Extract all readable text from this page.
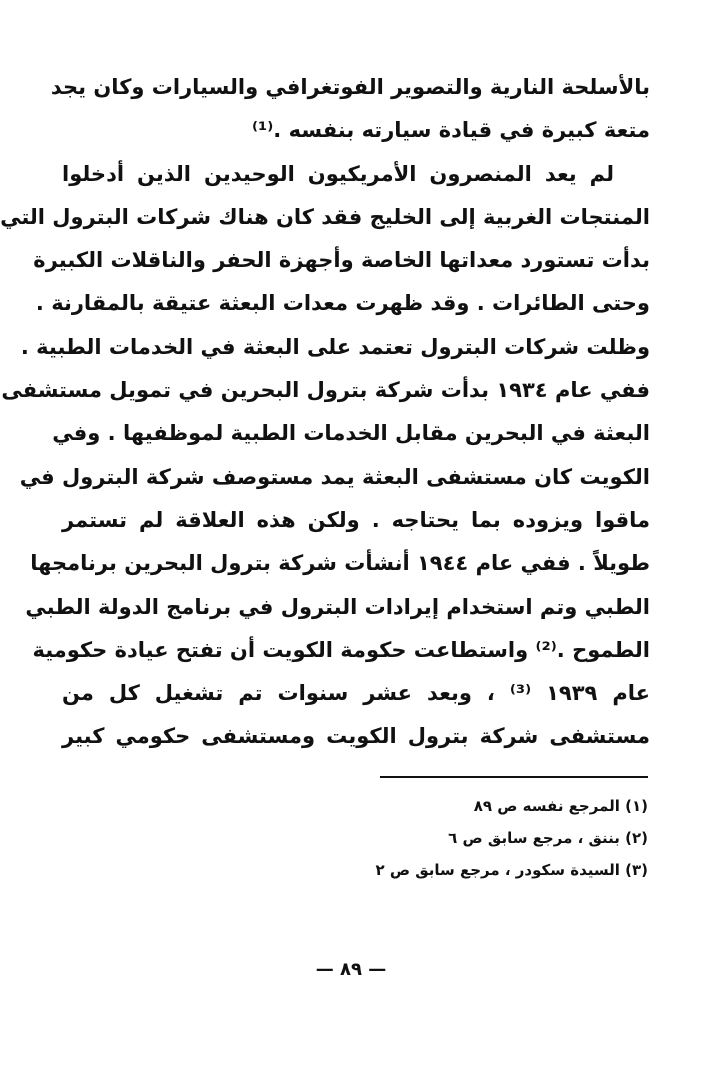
بالأسلحة النارية والتصوير الفوتغرافي والسيارات وكان يجد
متعة كبيرة في قيادة سيارته بنفسه .⁽¹⁾
لم يعد المنصرون الأمريكيون الوحيدين الذين أدخلوا
المنتجات الغربية إلى الخليج فقد كان هناك شركات البترول التي
بدأت تستورد معداتها الخاصة وأجهزة الحفر والناقلات الكبيرة
وحتى الطائرات . وقد ظهرت معدات البعثة عتيقة بالمقارنة .
وظلت شركات البترول تعتمد على البعثة في الخدمات الطبية .
ففي عام ١٩٣٤ بدأت شركة بترول البحرين في تمويل مستشفى
البعثة في البحرين مقابل الخدمات الطبية لموظفيها . وفي
الكويت كان مستشفى البعثة يمد مستوصف شركة البترول في
ماقوا ويزوده بما يحتاجه . ولكن هذه العلاقة لم تستمر
طويلاً . ففي عام ١٩٤٤ أنشأت شركة بترول البحرين برنامجها
الطبي وتم استخدام إيرادات البترول في برنامج الدولة الطبي
الطموح .⁽²⁾ واستطاعت حكومة الكويت أن تفتح عيادة حكومية
عام ١٩٣٩ ⁽³⁾ ، وبعد عشر سنوات تم تشغيل كل من
مستشفى شركة بترول الكويت ومستشفى حكومي كبير
(١) المرجع نفسه ص ٨٩
(٢) بننق ، مرجع سابق ص ٦
(٣) السيدة سكودر ، مرجع سابق ص ٢
— ٨٩ —
